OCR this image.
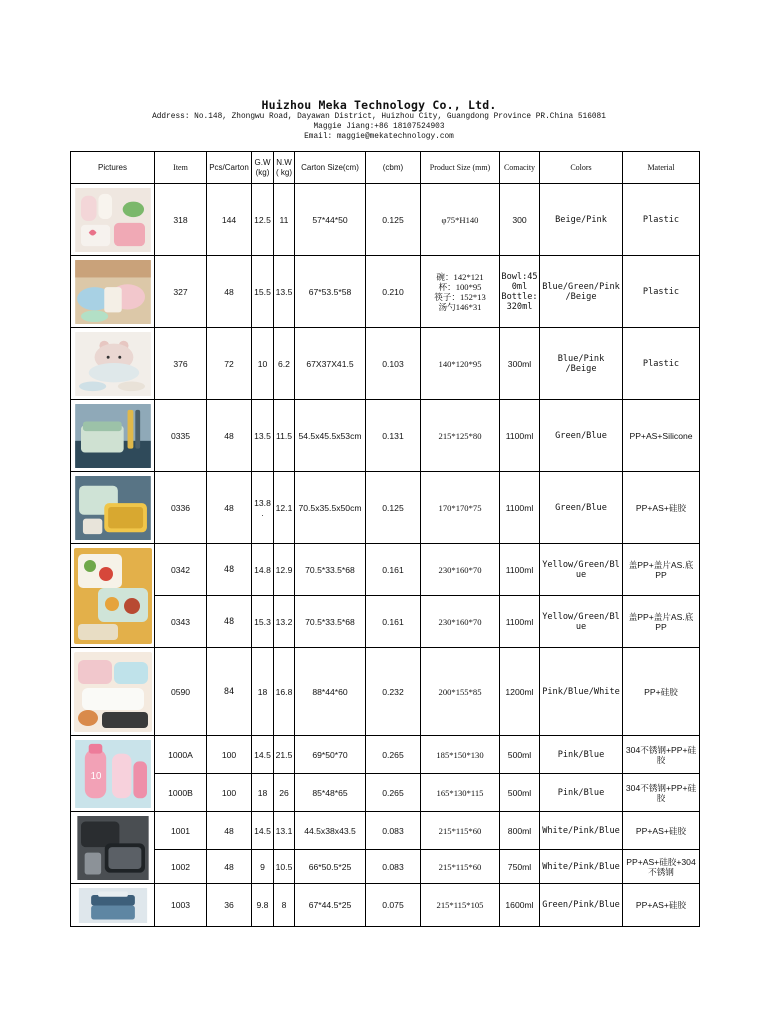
Huizhou Meka Technology Co., Ltd.
Address: No.148, Zhongwu Road, Dayawan District, Huizhou City, Guangdong Province PR.China 516081
Maggie Jiang:+86 18107524903
Email: maggie@mekatechnology.com
Pictures	Item	Pcs/Carton	G.W (kg)	N.W( kg)	Carton Size(cm)	(cbm)	Product Size (mm)	Comacity	Colors	Material

	318	144	12.5	11	57*44*50	0.125	φ75*H140	300	Beige/Pink	Plastic

	327	48	15.5	13.5	67*53.5*58	0.210	碗：142*121
杯：100*95
筷子：152*13
汤勺146*31	Bowl:450ml
Bottle:320ml	Blue/Green/Pink/Beige	Plastic

	376	72	10	6.2	67X37X41.5	0.103	140*120*95	300ml	Blue/Pink /Beige	Plastic

	0335	48	13.5	11.5	54.5x45.5x53cm	0.131	215*125*80	1100ml	Green/Blue	PP+AS+Silicone

	0336	48	13.8.	12.1	70.5x35.5x50cm	0.125	170*170*75	1100ml	Green/Blue	PP+AS+硅胶

	0342	48	14.8	12.9	70.5*33.5*68	0.161	230*160*70	1100ml	Yellow/Green/Blue	盖PP+盖片AS.底PP
	0343	48	15.3	13.2	70.5*33.5*68	0.161	230*160*70	1100ml	Yellow/Green/Blue	盖PP+盖片AS.底PP

	0590	84	18	16.8	88*44*60	0.232	200*155*85	1200ml	Pink/Blue/White	PP+硅胶

10	1000A	100	14.5	21.5	69*50*70	0.265	185*150*130	500ml	Pink/Blue	304不锈钢+PP+硅胶
	1000B	100	18	26	85*48*65	0.265	165*130*115	500ml	Pink/Blue	304不锈钢+PP+硅胶

	1001	48	14.5	13.1	44.5x38x43.5	0.083	215*115*60	800ml	White/Pink/Blue	PP+AS+硅胶
	1002	48	9	10.5	66*50.5*25	0.083	215*115*60	750ml	White/Pink/Blue	PP+AS+硅胶+304不锈钢

	1003	36	9.8	8	67*44.5*25	0.075	215*115*105	1600ml	Green/Pink/Blue	PP+AS+硅胶
